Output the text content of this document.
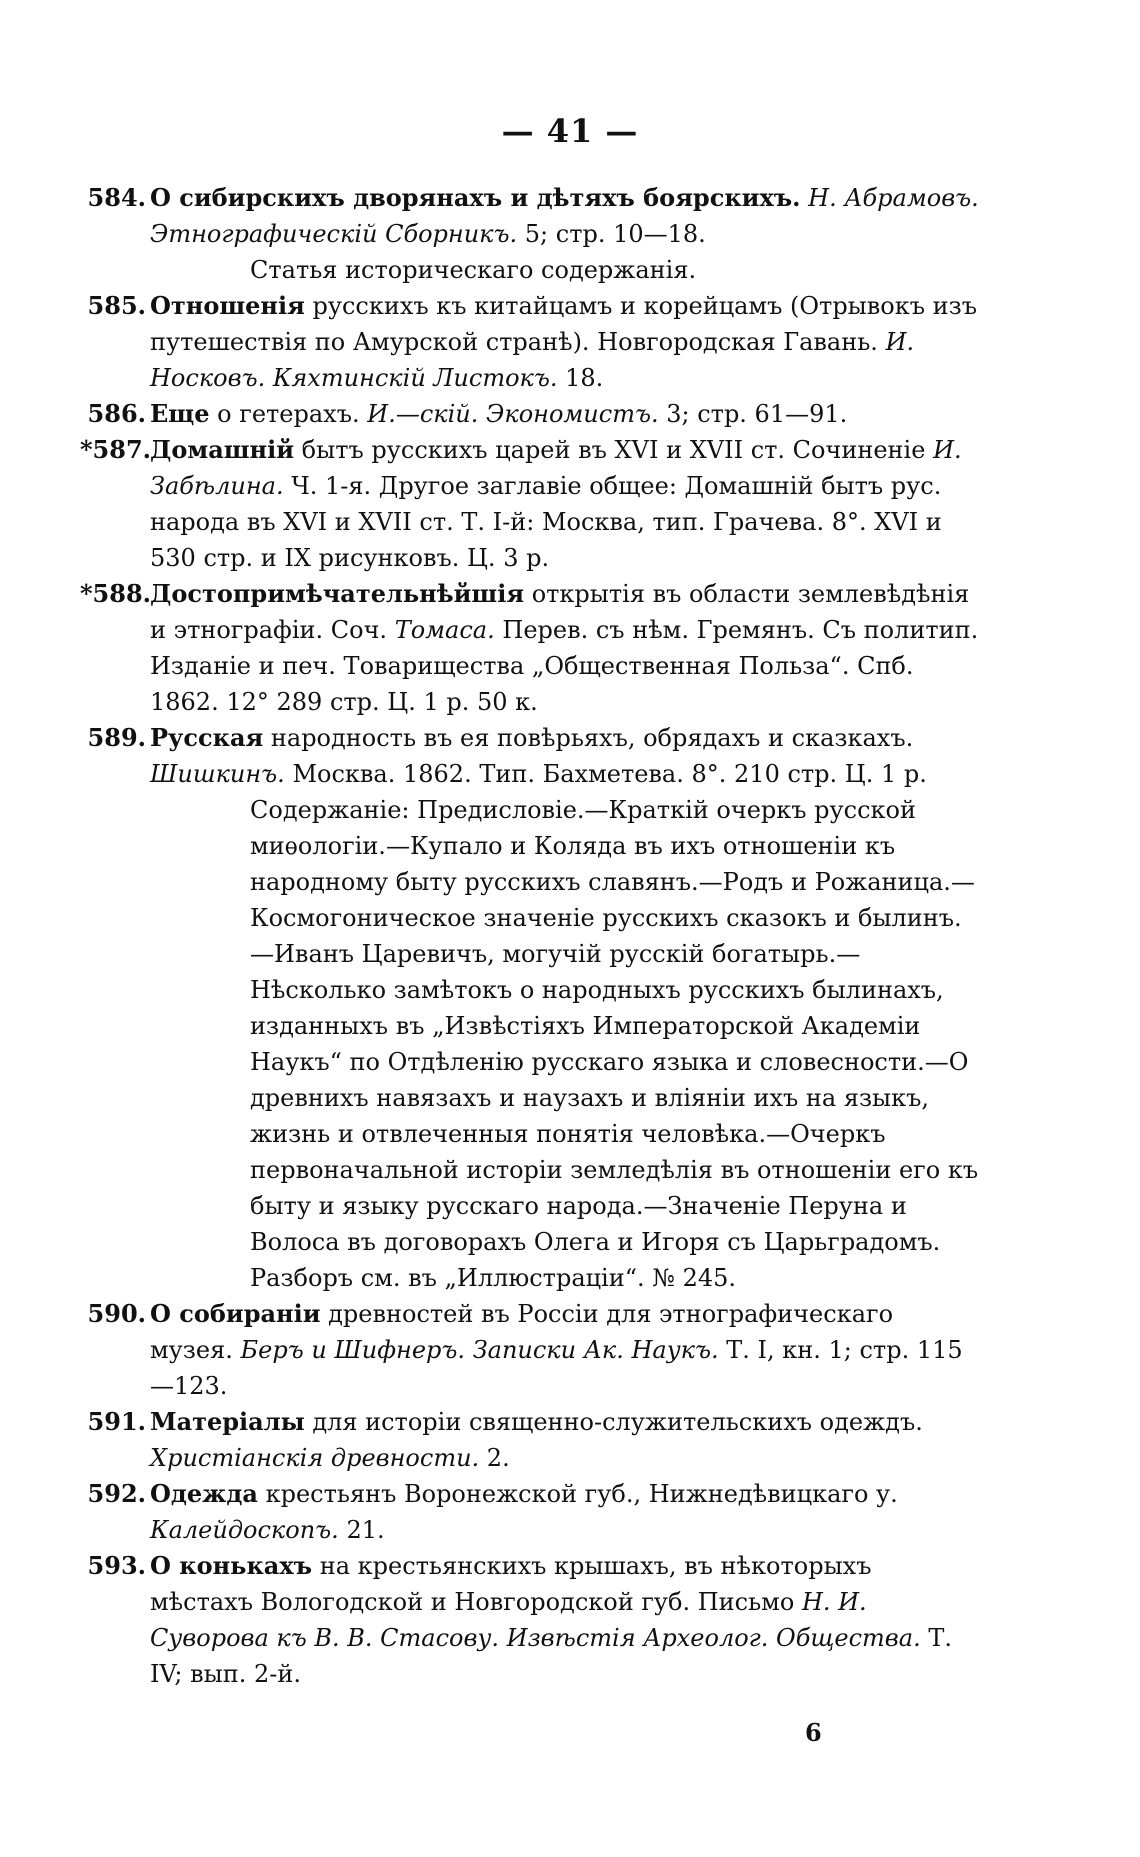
— 41 —

584. О сибирскихъ дворянахъ и дѣтяхъ боярскихъ. Н. Абрамовъ. Этнографическій Сборникъ. 5; стр. 10—18.
Статья историческаго содержанія.

585. Отношенія русскихъ къ китайцамъ и корейцамъ (Отрывокъ изъ путешествія по Амурской странѣ). Новгородская Гавань. И. Носковъ. Кяхтинскій Листокъ. 18.

586. Еще о гетерахъ. И.—скій. Экономистъ. 3; стр. 61—91.

*587.
Домашній бытъ русскихъ царей въ XVI и XVII ст. Сочиненіе И. Забѣлина. Ч. 1-я. Другое заглавіе общее: Домашній бытъ рус. народа въ XVI и XVII ст. Т. I-й: Москва, тип. Грачева. 8°. XVI и 530 стр. и IX рисунковъ. Ц. 3 р.

*588.
Достопримѣчательнѣйшія открытія въ области землевѣдѣнія и этнографіи. Соч. Томаса. Перев. съ нѣм. Гремянъ. Съ политип. Изданіе и печ. Товарищества „Общественная Польза“. Спб. 1862. 12° 289 стр. Ц. 1 р. 50 к.

589. Русская народность въ ея повѣрьяхъ, обрядахъ и сказкахъ. Шишкинъ. Москва. 1862. Тип. Бахметева. 8°. 210 стр. Ц. 1 р.
Содержаніе: Предисловіе.—Краткій очеркъ русской миѳологіи.—Купало и Коляда въ ихъ отношеніи къ народному быту русскихъ славянъ.—Родъ и Рожаница.—Космогоническое значеніе русскихъ сказокъ и былинъ.—Иванъ Царевичъ, могучій русскій богатырь.—Нѣсколько замѣтокъ о народныхъ русскихъ былинахъ, изданныхъ въ „Извѣстіяхъ Императорской Академіи Наукъ“ по Отдѣленію русскаго языка и словесности.—О древнихъ навязахъ и наузахъ и вліяніи ихъ на языкъ, жизнь и отвлеченныя понятія человѣка.—Очеркъ первоначальной исторіи земледѣлія въ отношеніи его къ быту и языку русскаго народа.—Значеніе Перуна и Волоса въ договорахъ Олега и Игоря съ Царьградомъ.
Разборъ см. въ „Иллюстраціи“. № 245.

590. О собираніи древностей въ Россіи для этнографическаго музея. Беръ и Шифнеръ. Записки Ак. Наукъ. Т. I, кн. 1; стр. 115—123.

591. Матеріалы для исторіи священно-служительскихъ одеждъ. Христіанскія древности. 2.

592. Одежда крестьянъ Воронежской губ., Нижнедѣвицкаго у. Калейдоскопъ. 21.

593. О конькахъ на крестьянскихъ крышахъ, въ нѣкоторыхъ мѣстахъ Вологодской и Новгородской губ. Письмо Н. И. Суворова къ В. В. Стасову. Извѣстія Археолог. Общества. Т. IV; вып. 2-й.

6
